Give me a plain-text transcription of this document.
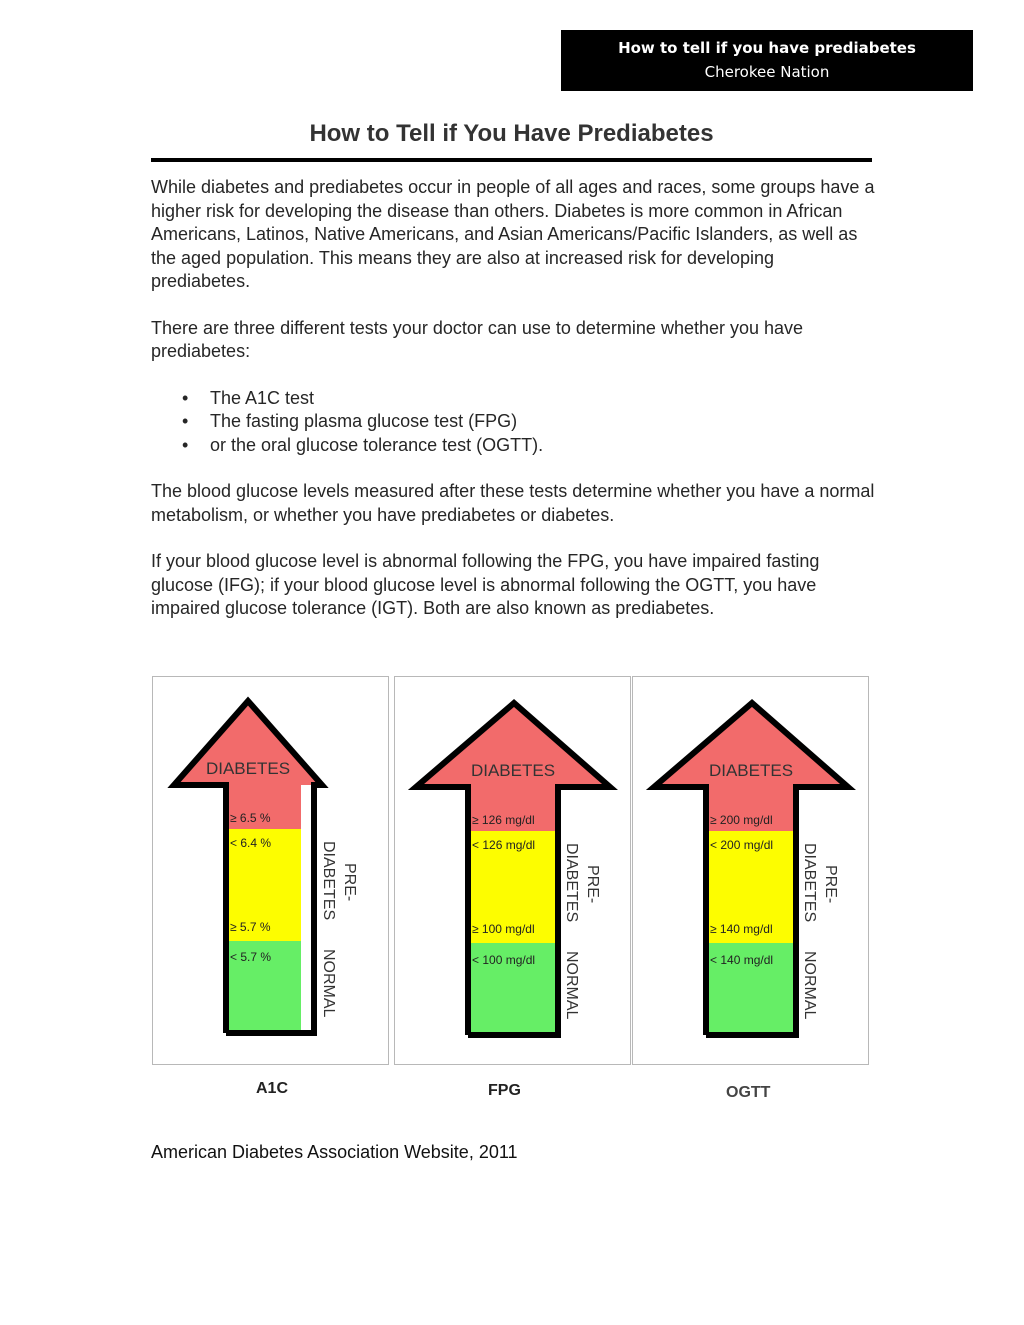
How to tell if you have prediabetes
Cherokee Nation
How to Tell if You Have Prediabetes

While diabetes and prediabetes occur in people of all ages and races, some groups have a higher risk for developing the disease than others. Diabetes is more common in African Americans, Latinos, Native Americans, and Asian Americans/Pacific Islanders, as well as the aged population. This means they are also at increased risk for developing prediabetes.

There are three different tests your doctor can use to determine whether you have prediabetes:

• The A1C test
• The fasting plasma glucose test (FPG)
• or the oral glucose tolerance test (OGTT).

The blood glucose levels measured after these tests determine whether you have a normal metabolism, or whether you have prediabetes or diabetes.

If your blood glucose level is abnormal following the FPG, you have impaired fasting glucose (IFG); if your blood glucose level is abnormal following the OGTT, you have impaired glucose tolerance (IGT). Both are also known as prediabetes.

DIABETES
≥ 6.5 %
< 6.4 %
≥ 5.7 %
< 5.7 %
PRE-
DIABETES
NORMAL
DIABETES
≥ 126 mg/dl
< 126 mg/dl
≥ 100 mg/dl
< 100 mg/dl
PRE-
DIABETES
NORMAL
DIABETES
≥ 200 mg/dl
< 200 mg/dl
≥ 140 mg/dl
< 140 mg/dl
PRE-
DIABETES
NORMAL
A1C	FPG	OGTT
American Diabetes Association Website, 2011
